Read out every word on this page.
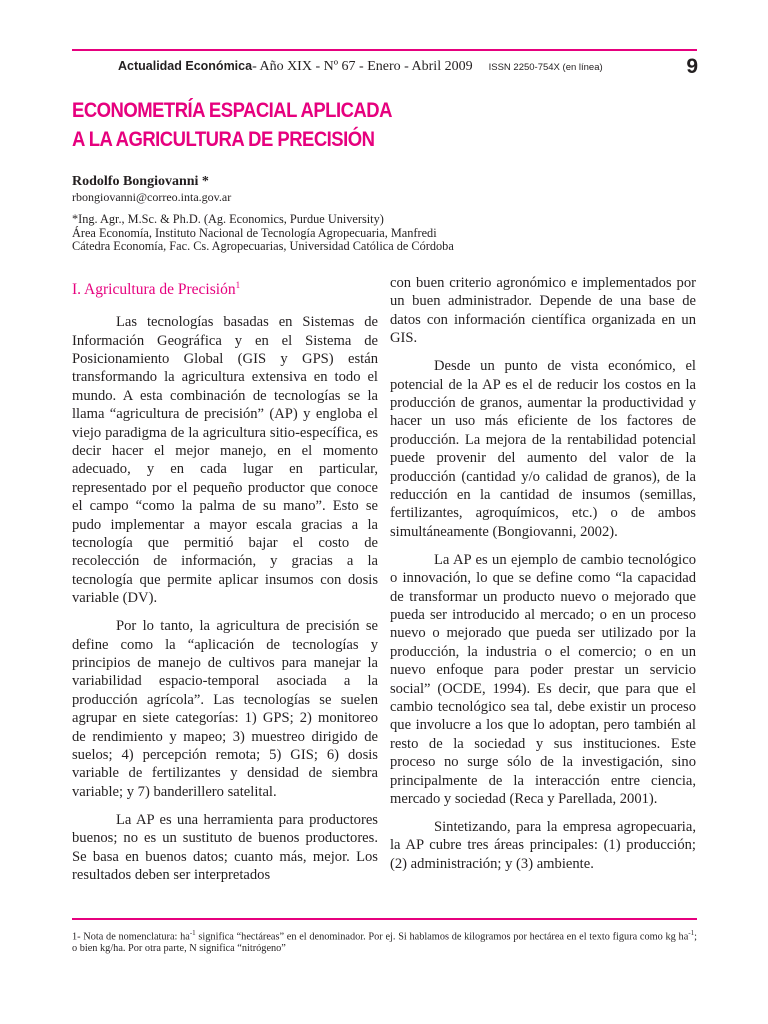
Actualidad Económica - Año XIX - Nº 67 - Enero - Abril 2009 ISSN 2250-754X (en línea)	9
ECONOMETRÍA ESPACIAL APLICADA
A LA AGRICULTURA DE PRECISIÓN
Rodolfo Bongiovanni *
rbongiovanni@correo.inta.gov.ar
*Ing. Agr., M.Sc. & Ph.D. (Ag. Economics, Purdue University)
Área Economía, Instituto Nacional de Tecnología Agropecuaria, Manfredi
Cátedra Economía, Fac. Cs. Agropecuarias, Universidad Católica de Córdoba
I. Agricultura de Precisión$^1$

Las tecnologías basadas en Sistemas de Información Geográfica y en el Sistema de Posicionamiento Global (GIS y GPS) están transformando la agricultura extensiva en todo el mundo. A esta combinación de tecnologías se la llama “agricultura de precisión” (AP) y engloba el viejo paradigma de la agricultura sitio-específica, es decir hacer el mejor manejo, en el momento adecuado, y en cada lugar en particular, representado por el pequeño productor que conoce el campo “como la palma de su mano”. Esto se pudo implementar a mayor escala gracias a la tecnología que permitió bajar el costo de recolección de información, y gracias a la tecnología que permite aplicar insumos con dosis variable (DV).

Por lo tanto, la agricultura de precisión se define como la “aplicación de tecnologías y principios de manejo de cultivos para manejar la variabilidad espacio-temporal asociada a la producción agrícola”. Las tecnologías se suelen agrupar en siete categorías: 1) GPS; 2) monitoreo de rendimiento y mapeo; 3) muestreo dirigido de suelos; 4) percepción remota; 5) GIS; 6) dosis variable de fertilizantes y densidad de siembra variable; y 7) banderillero satelital.

La AP es una herramienta para productores buenos; no es un sustituto de buenos productores. Se basa en buenos datos; cuanto más, mejor. Los resultados deben ser interpretados

con buen criterio agronómico e implementados por un buen administrador. Depende de una base de datos con información científica organizada en un GIS.

Desde un punto de vista económico, el potencial de la AP es el de reducir los costos en la producción de granos, aumentar la productividad y hacer un uso más eficiente de los factores de producción. La mejora de la rentabilidad potencial puede provenir del aumento del valor de la producción (cantidad y/o calidad de granos), de la reducción en la cantidad de insumos (semillas, fertilizantes, agroquímicos, etc.) o de ambos simultáneamente (Bongiovanni, 2002).

La AP es un ejemplo de cambio tecnológico o innovación, lo que se define como “la capacidad de transformar un producto nuevo o mejorado que pueda ser introducido al mercado; o en un proceso nuevo o mejorado que pueda ser utilizado por la producción, la industria o el comercio; o en un nuevo enfoque para poder prestar un servicio social” (OCDE, 1994). Es decir, que para que el cambio tecnológico sea tal, debe existir un proceso que involucre a los que lo adoptan, pero también al resto de la sociedad y sus instituciones. Este proceso no surge sólo de la investigación, sino principalmente de la interacción entre ciencia, mercado y sociedad (Reca y Parellada, 2001).

Sintetizando, para la empresa agropecuaria, la AP cubre tres áreas principales: (1) producción; (2) administración; y (3) ambiente.

1- Nota de nomenclatura: $ha^{-1}$ significa “hectáreas” en el denominador. Por ej. Si hablamos de kilogramos por hectárea en el texto figura como kg $ha^{-1}$; o bien kg/ha. Por otra parte, N significa “nitrógeno”
